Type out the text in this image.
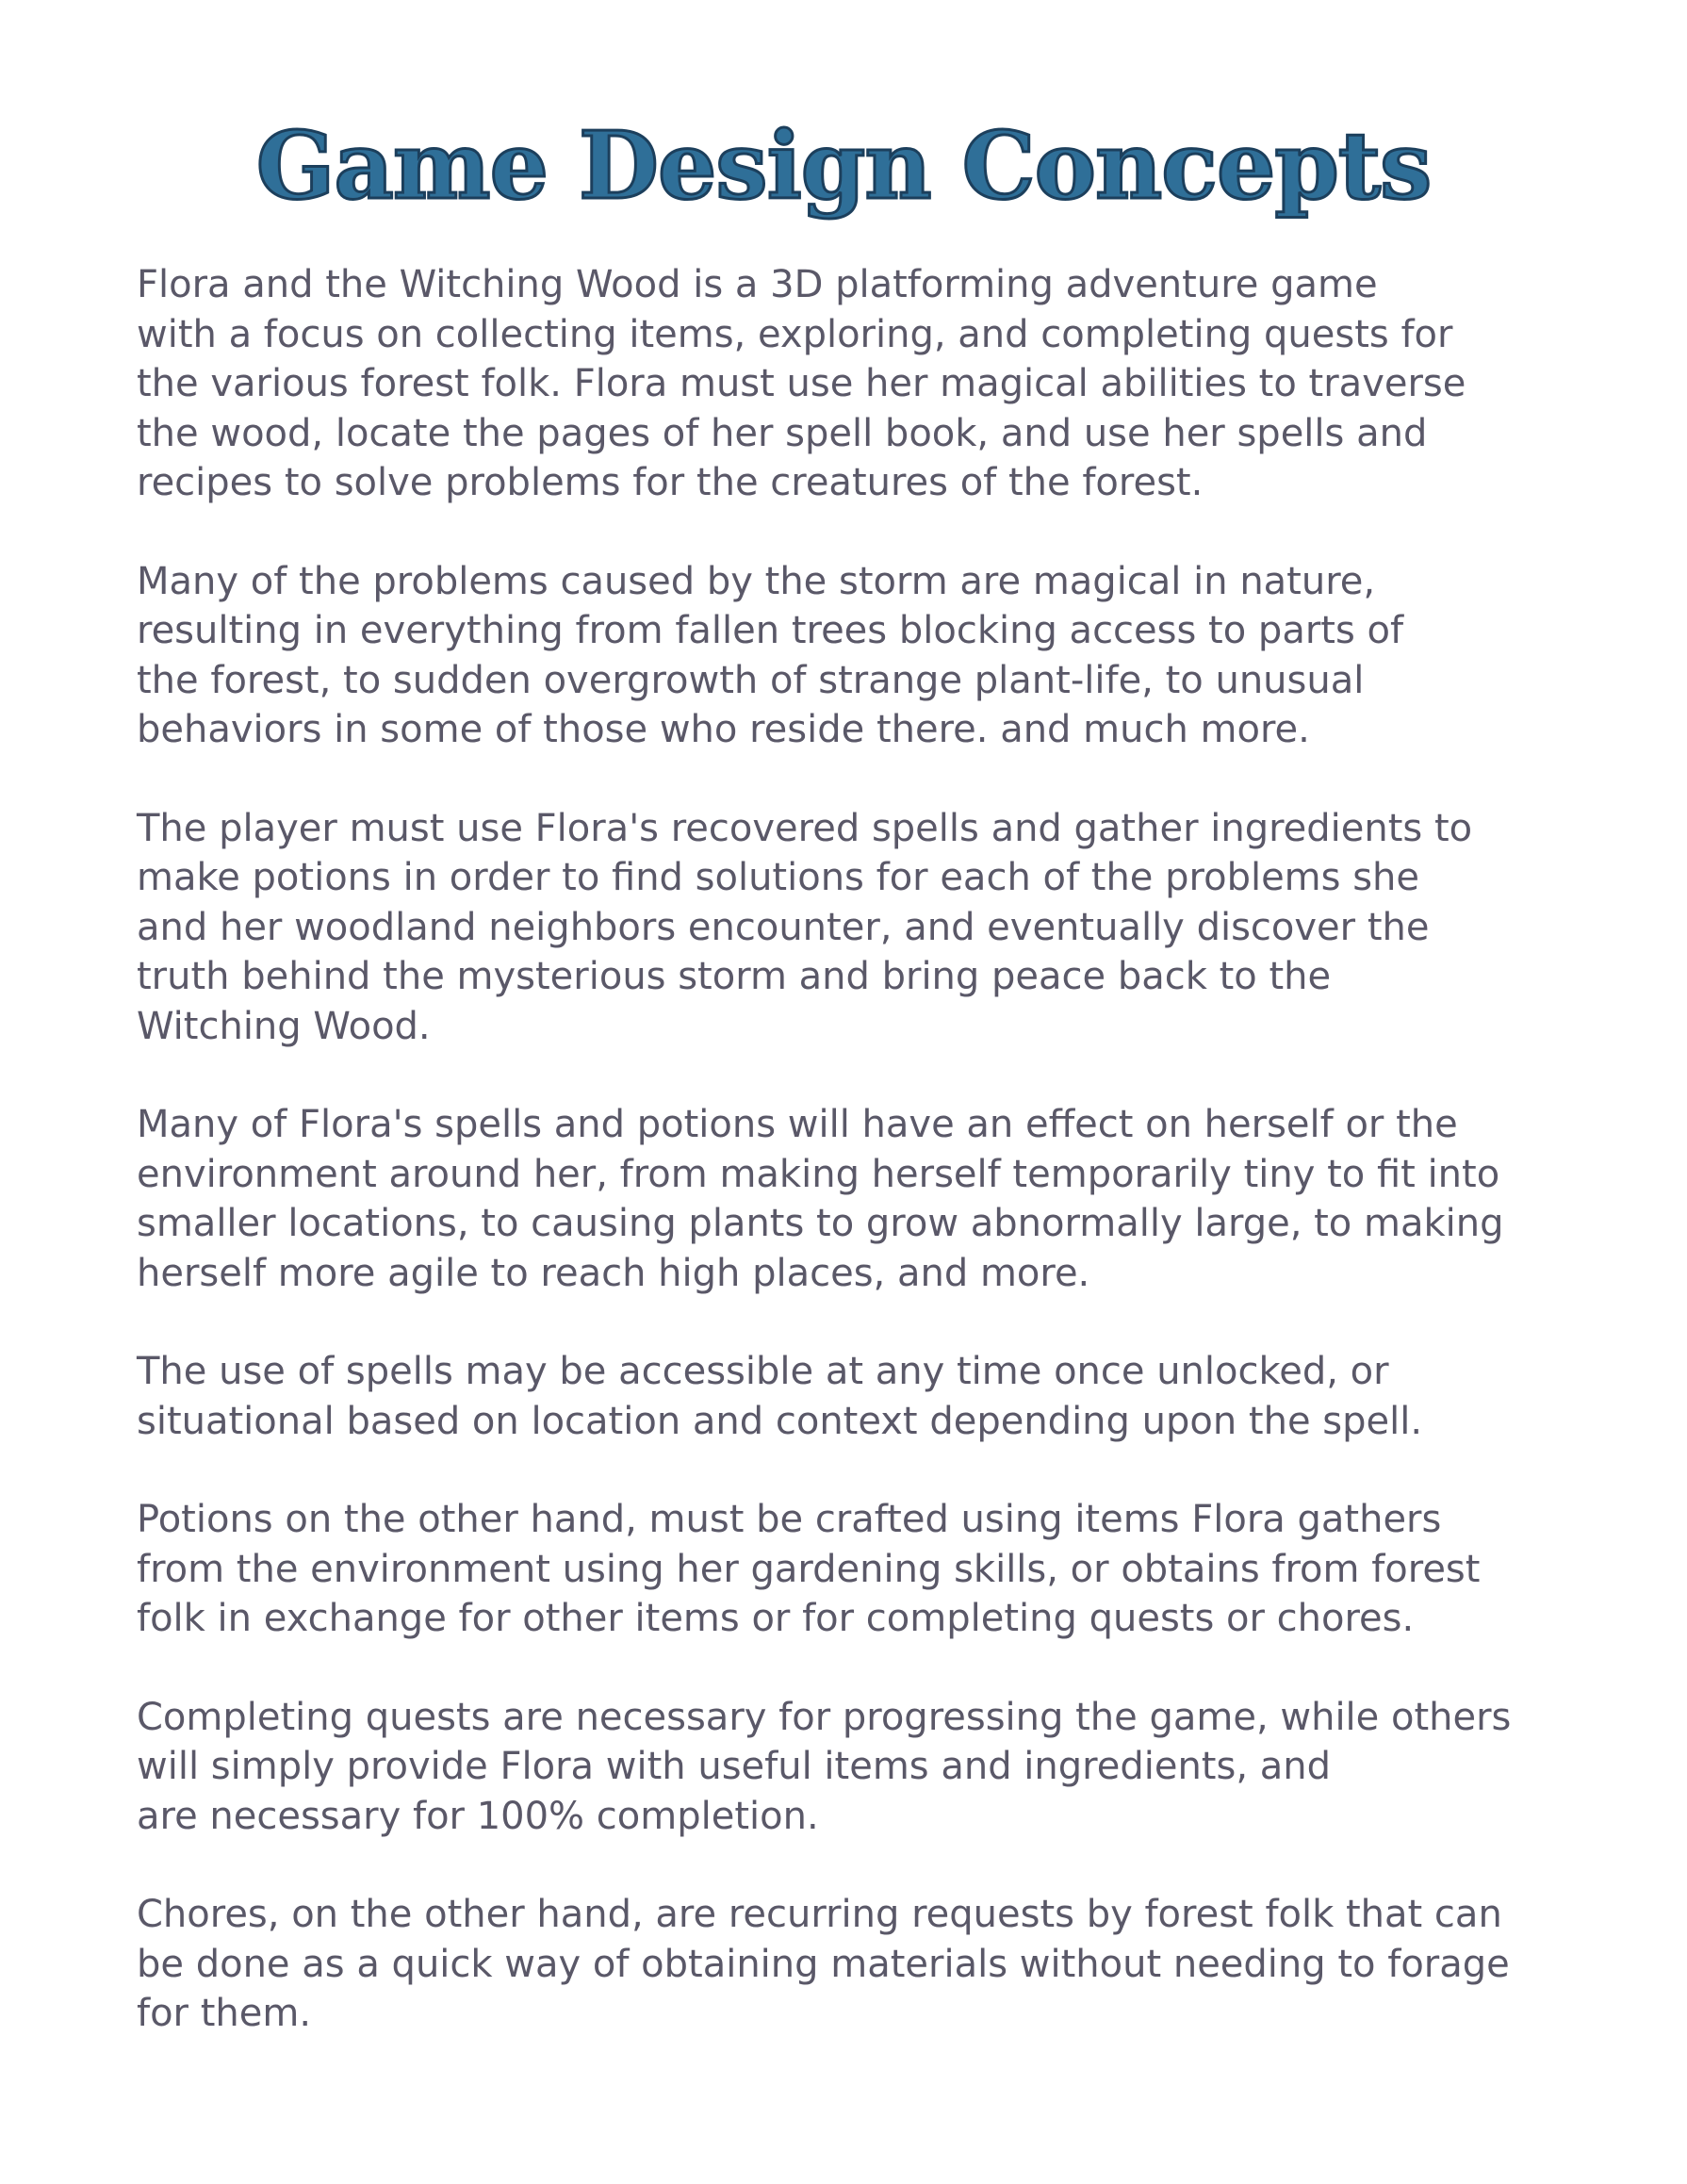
Game Design Concepts
Flora and the Witching Wood is a 3D platforming adventure game
with a focus on collecting items, exploring, and completing quests for
the various forest folk. Flora must use her magical abilities to traverse
the wood, locate the pages of her spell book, and use her spells and
recipes to solve problems for the creatures of the forest.
Many of the problems caused by the storm are magical in nature,
resulting in everything from fallen trees blocking access to parts of
the forest, to sudden overgrowth of strange plant-life, to unusual
behaviors in some of those who reside there. and much more.
The player must use Flora's recovered spells and gather ingredients to
make potions in order to find solutions for each of the problems she
and her woodland neighbors encounter, and eventually discover the
truth behind the mysterious storm and bring peace back to the
Witching Wood.
Many of Flora's spells and potions will have an effect on herself or the
environment around her, from making herself temporarily tiny to fit into
smaller locations, to causing plants to grow abnormally large, to making
herself more agile to reach high places, and more.
The use of spells may be accessible at any time once unlocked, or
situational based on location and context depending upon the spell.
Potions on the other hand, must be crafted using items Flora gathers
from the environment using her gardening skills, or obtains from forest
folk in exchange for other items or for completing quests or chores.
Completing quests are necessary for progressing the game, while others
will simply provide Flora with useful items and ingredients, and
are necessary for 100% completion.
Chores, on the other hand, are recurring requests by forest folk that can
be done as a quick way of obtaining materials without needing to forage
for them.
